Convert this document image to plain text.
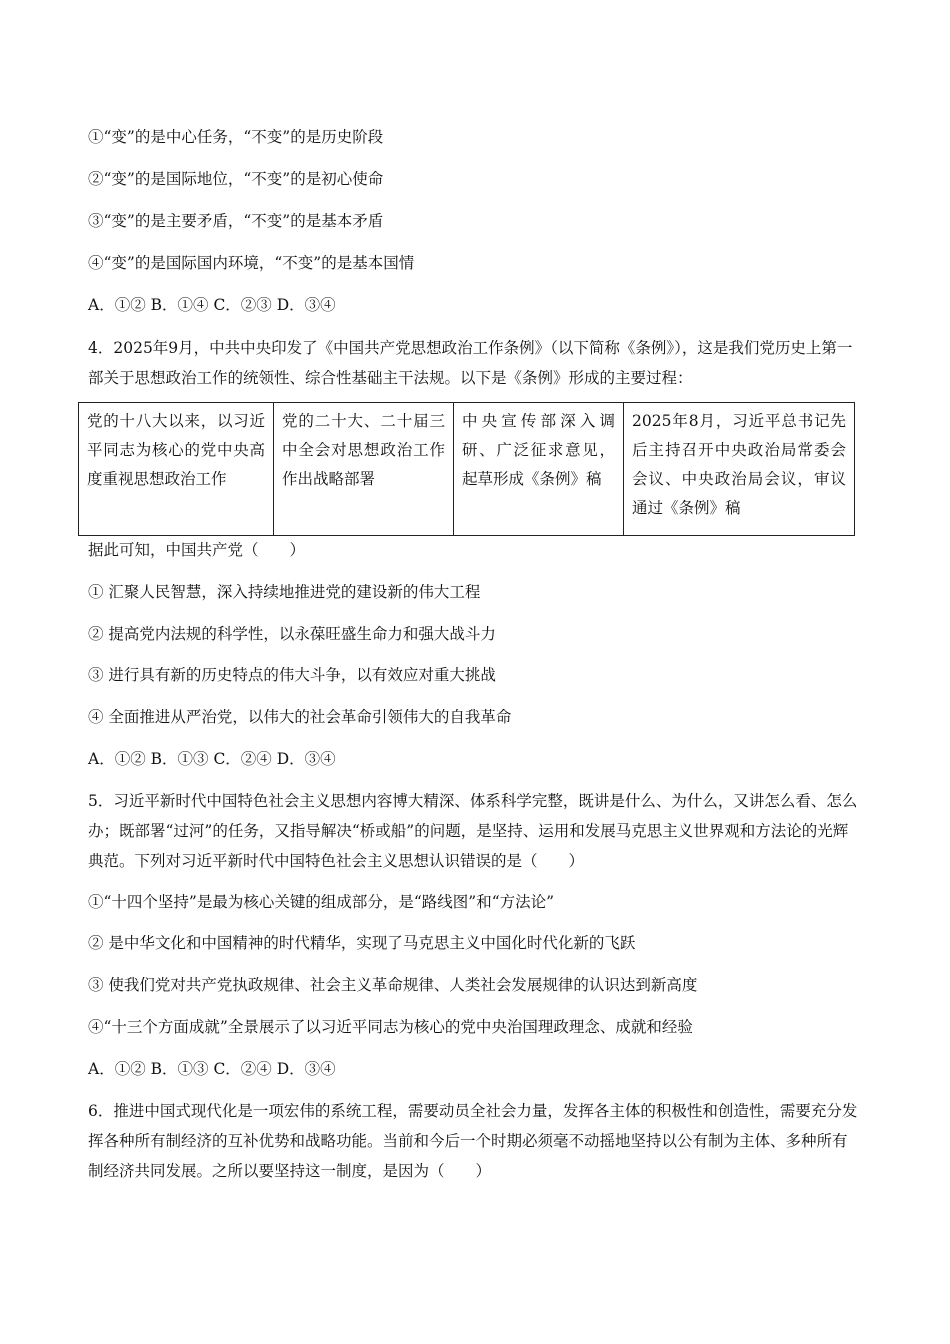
①“变”的是中心任务，“不变”的是历史阶段
②“变”的是国际地位，“不变”的是初心使命
③“变”的是主要矛盾，“不变”的是基本矛盾
④“变”的是国际国内环境，“不变”的是基本国情
A．①② B．①④ C．②③ D．③④
4．2025年9月，中共中央印发了《中国共产党思想政治工作条例》（以下简称《条例》），这是我们党历史上第一部关于思想政治工作的统领性、综合性基础主干法规。以下是《条例》形成的主要过程：
党的十八大以来，以习近平同志为核心的党中央高度重视思想政治工作	党的二十大、二十届三中全会对思想政治工作作出战略部署	中央宣传部深入调研、广泛征求意见，起草形成《条例》稿	2025年8月，习近平总书记先后主持召开中央政治局常委会会议、中央政治局会议，审议通过《条例》稿
据此可知，中国共产党（　　）
① 汇聚人民智慧，深入持续地推进党的建设新的伟大工程
② 提高党内法规的科学性，以永葆旺盛生命力和强大战斗力
③ 进行具有新的历史特点的伟大斗争，以有效应对重大挑战
④ 全面推进从严治党，以伟大的社会革命引领伟大的自我革命
A．①② B．①③ C．②④ D．③④
5．习近平新时代中国特色社会主义思想内容博大精深、体系科学完整，既讲是什么、为什么，又讲怎么看、怎么办；既部署“过河”的任务，又指导解决“桥或船”的问题，是坚持、运用和发展马克思主义世界观和方法论的光辉典范。下列对习近平新时代中国特色社会主义思想认识错误的是（　　）
①“十四个坚持”是最为核心关键的组成部分，是“路线图”和“方法论”
② 是中华文化和中国精神的时代精华，实现了马克思主义中国化时代化新的飞跃
③ 使我们党对共产党执政规律、社会主义革命规律、人类社会发展规律的认识达到新高度
④“十三个方面成就”全景展示了以习近平同志为核心的党中央治国理政理念、成就和经验
A．①② B．①③ C．②④ D．③④
6．推进中国式现代化是一项宏伟的系统工程，需要动员全社会力量，发挥各主体的积极性和创造性，需要充分发挥各种所有制经济的互补优势和战略功能。当前和今后一个时期必须毫不动摇地坚持以公有制为主体、多种所有制经济共同发展。之所以要坚持这一制度，是因为（　　）
